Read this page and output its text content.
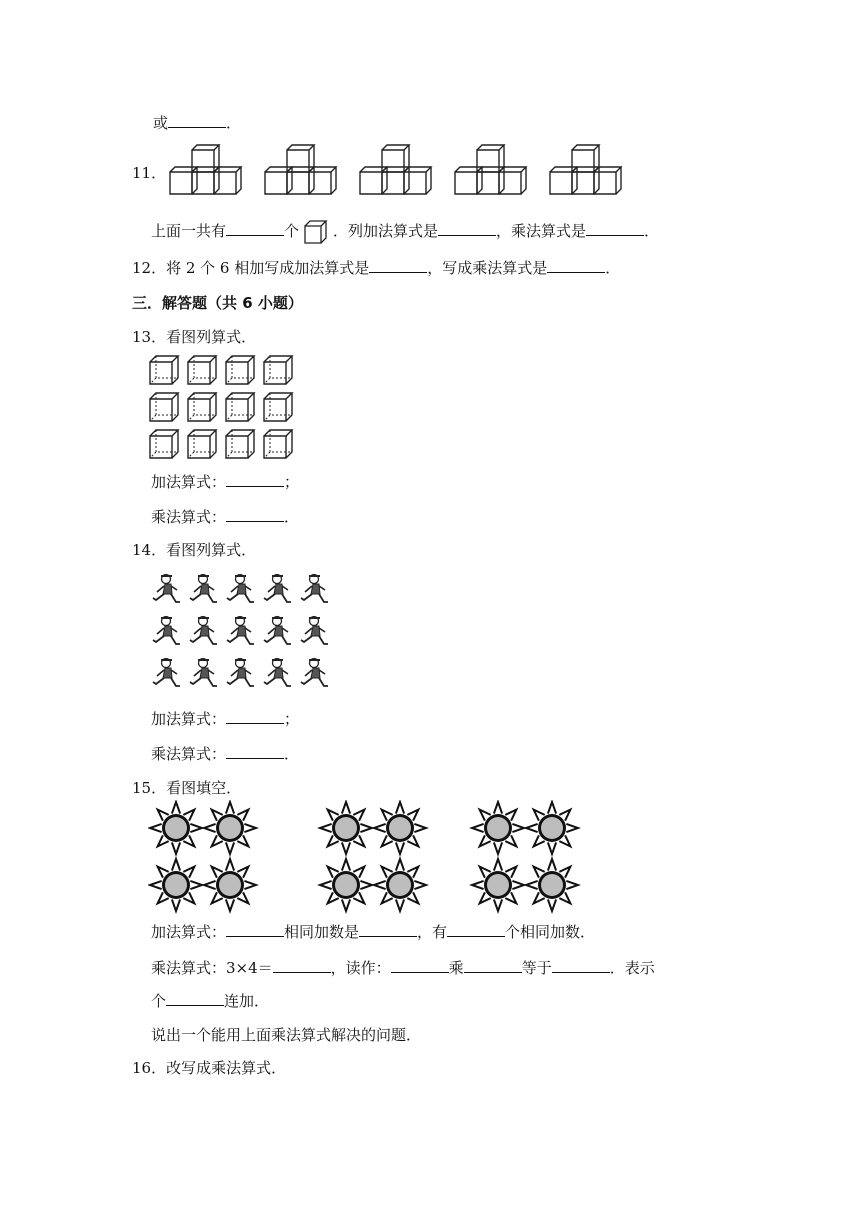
或	．
11．
上面一共有	个 ．列加法算式是	，乘法算式是	．
12．将 2 个 6 相加写成加法算式是	，写成乘法算式是	．
三．解答题（共 6 小题）
13．看图列算式．
加法算式：	；
乘法算式：	．
14．看图列算式．
加法算式：	；
乘法算式：	．
15．看图填空．
加法算式：	相同加数是	，有	个相同加数．
乘法算式：3×4＝	，读作：	乘	等于	．表示
个	连加．
说出一个能用上面乘法算式解决的问题．
16．改写成乘法算式．
